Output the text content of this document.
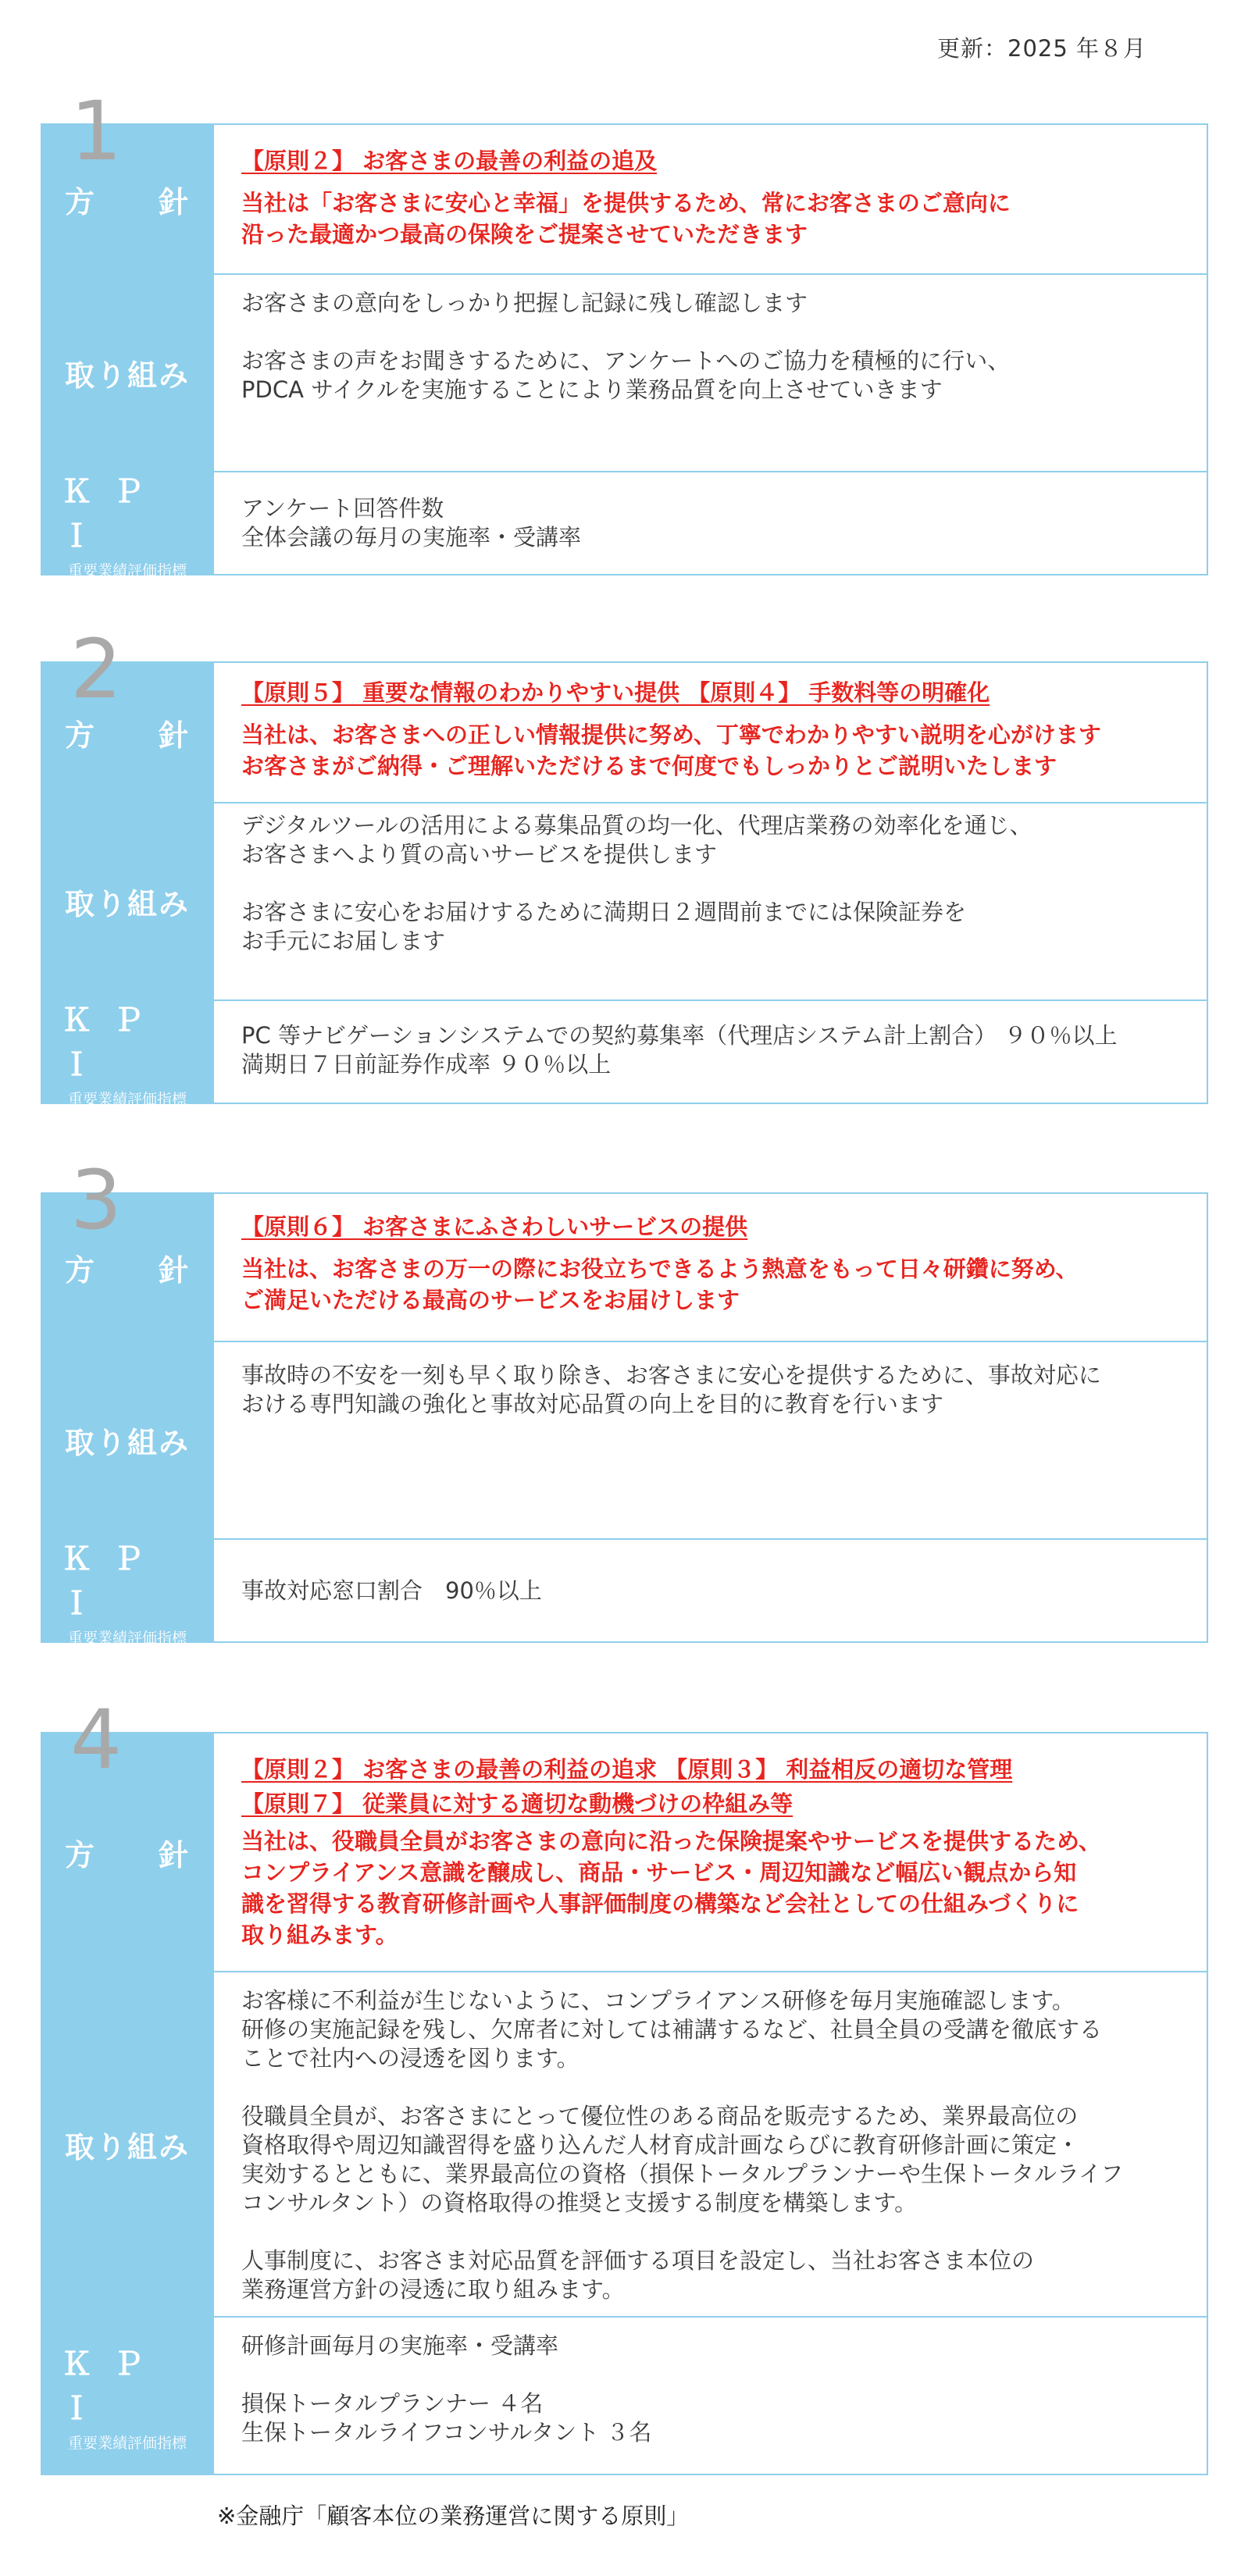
更新：2025 年８月
1
方　針
【原則２】 お客さまの最善の利益の追及
当社は「お客さまに安心と幸福」を提供するため、常にお客さまのご意向に
沿った最適かつ最高の保険をご提案させていただきます
取り組み
お客さまの意向をしっかり把握し記録に残し確認します
お客さまの声をお聞きするために、アンケートへのご協力を積極的に行い、
PDCA サイクルを実施することにより業務品質を向上させていきます
ＫＰＩ
重要業績評価指標
アンケート回答件数
全体会議の毎月の実施率・受講率
2
方　針
【原則５】 重要な情報のわかりやすい提供 【原則４】 手数料等の明確化
当社は、お客さまへの正しい情報提供に努め、丁寧でわかりやすい説明を心がけます
お客さまがご納得・ご理解いただけるまで何度でもしっかりとご説明いたします
取り組み
デジタルツールの活用による募集品質の均一化、代理店業務の効率化を通じ、
お客さまへより質の高いサービスを提供します
お客さまに安心をお届けするために満期日２週間前までには保険証券を
お手元にお届します
ＫＰＩ
重要業績評価指標
PC 等ナビゲーションシステムでの契約募集率（代理店システム計上割合） ９０％以上
満期日７日前証券作成率 ９０％以上
3
方　針
【原則６】 お客さまにふさわしいサービスの提供
当社は、お客さまの万一の際にお役立ちできるよう熱意をもって日々研鑽に努め、
ご満足いただける最高のサービスをお届けします
取り組み
事故時の不安を一刻も早く取り除き、お客さまに安心を提供するために、事故対応に
おける専門知識の強化と事故対応品質の向上を目的に教育を行います
ＫＰＩ
重要業績評価指標
事故対応窓口割合　90％以上
4
方　針
【原則２】 お客さまの最善の利益の追求 【原則３】 利益相反の適切な管理
【原則７】 従業員に対する適切な動機づけの枠組み等
当社は、役職員全員がお客さまの意向に沿った保険提案やサービスを提供するため、
コンプライアンス意識を醸成し、商品・サービス・周辺知識など幅広い観点から知
識を習得する教育研修計画や人事評価制度の構築など会社としての仕組みづくりに
取り組みます。
取り組み
お客様に不利益が生じないように、コンプライアンス研修を毎月実施確認します。
研修の実施記録を残し、欠席者に対しては補講するなど、社員全員の受講を徹底する
ことで社内への浸透を図ります。
役職員全員が、お客さまにとって優位性のある商品を販売するため、業界最高位の
資格取得や周辺知識習得を盛り込んだ人材育成計画ならびに教育研修計画に策定・
実効するとともに、業界最高位の資格（損保トータルプランナーや生保トータルライフ
コンサルタント）の資格取得の推奨と支援する制度を構築します。
人事制度に、お客さま対応品質を評価する項目を設定し、当社お客さま本位の
業務運営方針の浸透に取り組みます。
ＫＰＩ
重要業績評価指標
研修計画毎月の実施率・受講率
損保トータルプランナー ４名
生保トータルライフコンサルタント ３名
※金融庁「顧客本位の業務運営に関する原則」
